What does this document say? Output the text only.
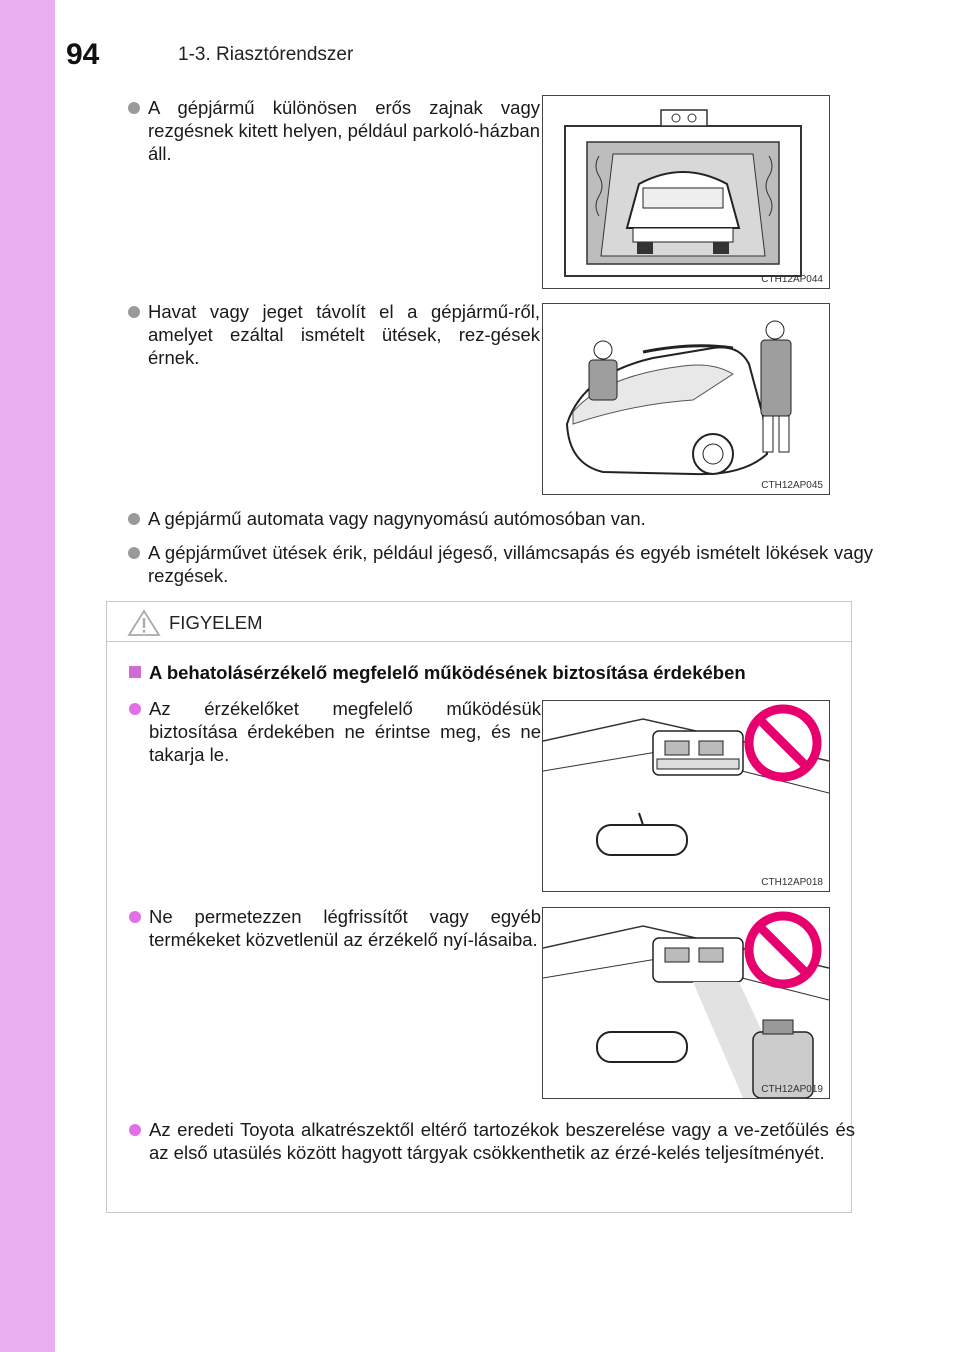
94	1-3. Riasztórendszer
A gépjármű különösen erős zajnak vagy rezgésnek kitett helyen, például parkoló-házban áll.
CTH12AP044
Havat vagy jeget távolít el a gépjármű-ről, amelyet ezáltal ismételt ütések, rez-gések érnek.
CTH12AP045
A gépjármű automata vagy nagynyomású autómosóban van.
A gépjárművet ütések érik, például jégeső, villámcsapás és egyéb ismételt lökések vagy rezgések.
FIGYELEM
A behatolásérzékelő megfelelő működésének biztosítása érdekében
Az érzékelőket megfelelő működésük biztosítása érdekében ne érintse meg, és ne takarja le.
CTH12AP018
Ne permetezzen légfrissítőt vagy egyéb termékeket közvetlenül az érzékelő nyí-lásaiba.
CTH12AP019
Az eredeti Toyota alkatrészektől eltérő tartozékok beszerelése vagy a ve-zetőülés és az első utasülés között hagyott tárgyak csökkenthetik az érzé-kelés teljesítményét.
